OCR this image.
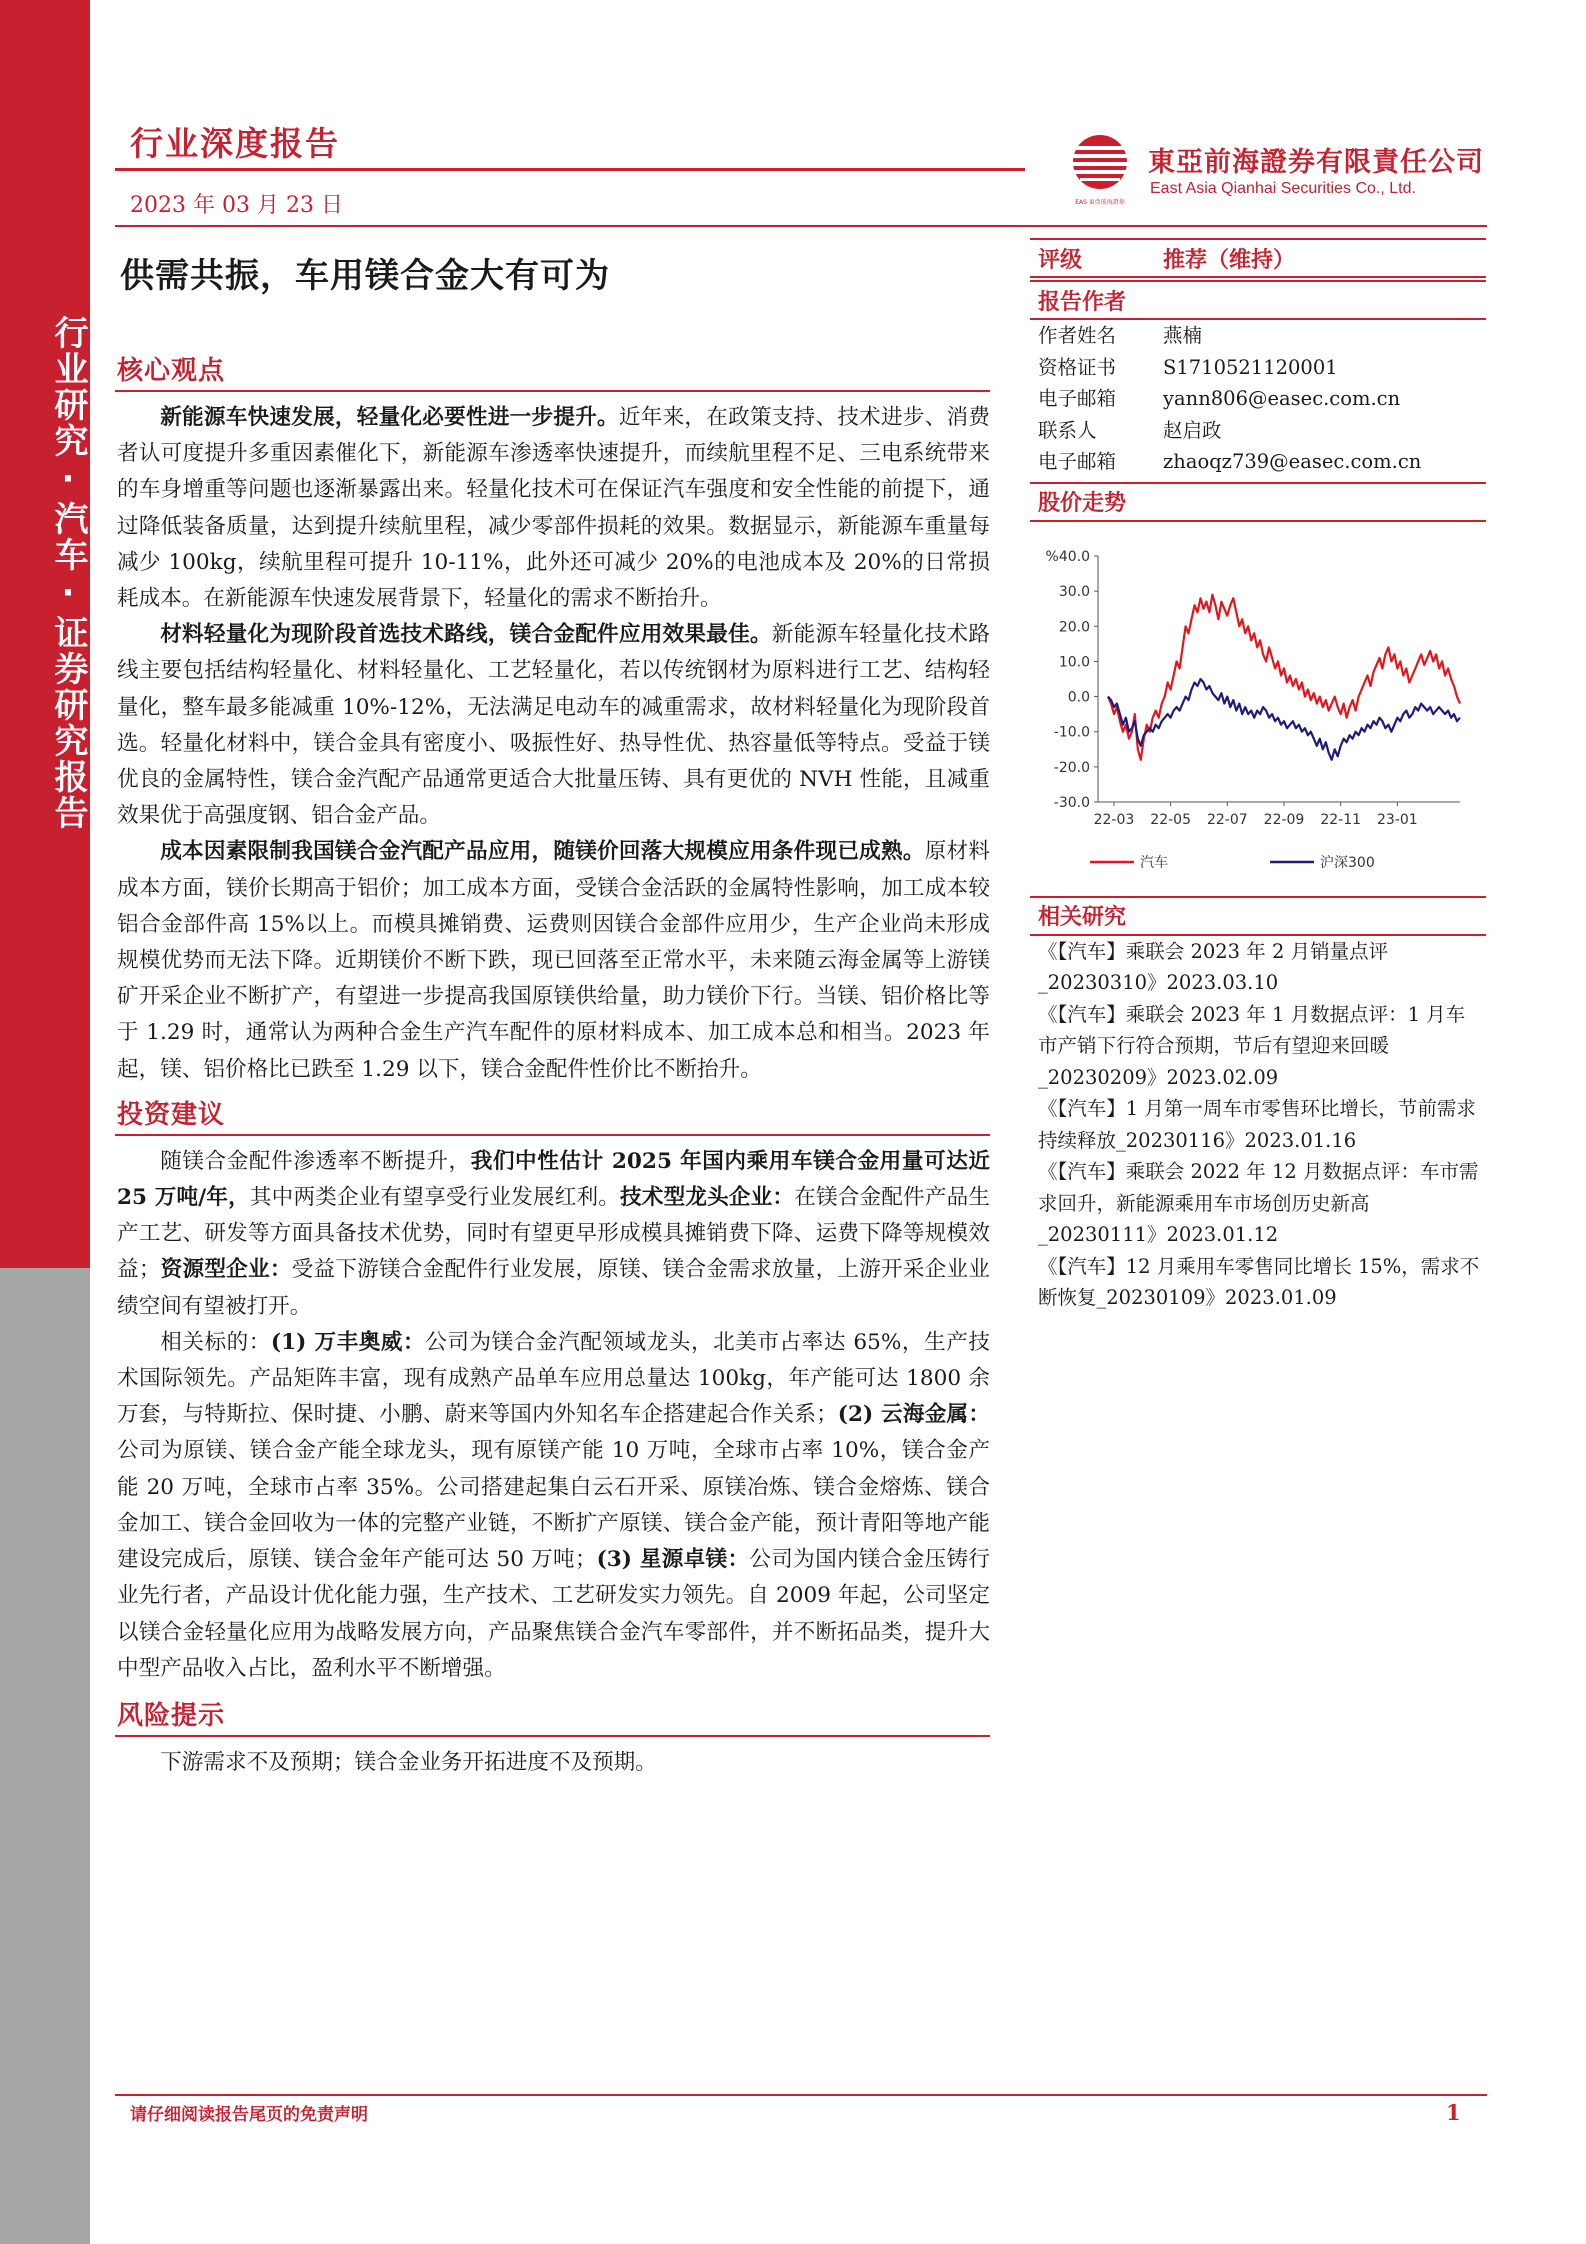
行业研究·汽车·证券研究报告
行业深度报告
2023 年 03 月 23 日	EAS 東亞前海證券
東亞前海證券有限責任公司
East Asia Qianhai Securities Co., Ltd.
供需共振，车用镁合金大有可为
核心观点

新能源车快速发展，轻量化必要性进一步提升。近年来，在政策支持、技术进步、消费者认可度提升多重因素催化下，新能源车渗透率快速提升，而续航里程不足、三电系统带来的车身增重等问题也逐渐暴露出来。轻量化技术可在保证汽车强度和安全性能的前提下，通过降低装备质量，达到提升续航里程，减少零部件损耗的效果。数据显示，新能源车重量每减少 100kg，续航里程可提升 10-11%，此外还可减少 20%的电池成本及 20%的日常损耗成本。在新能源车快速发展背景下，轻量化的需求不断抬升。

材料轻量化为现阶段首选技术路线，镁合金配件应用效果最佳。新能源车轻量化技术路线主要包括结构轻量化、材料轻量化、工艺轻量化，若以传统钢材为原料进行工艺、结构轻量化，整车最多能减重 10%-12%，无法满足电动车的减重需求，故材料轻量化为现阶段首选。轻量化材料中，镁合金具有密度小、吸振性好、热导性优、热容量低等特点。受益于镁优良的金属特性，镁合金汽配产品通常更适合大批量压铸、具有更优的 NVH 性能，且减重效果优于高强度钢、铝合金产品。

成本因素限制我国镁合金汽配产品应用，随镁价回落大规模应用条件现已成熟。原材料成本方面，镁价长期高于铝价；加工成本方面，受镁合金活跃的金属特性影响，加工成本较铝合金部件高 15%以上。而模具摊销费、运费则因镁合金部件应用少，生产企业尚未形成规模优势而无法下降。近期镁价不断下跌，现已回落至正常水平，未来随云海金属等上游镁矿开采企业不断扩产，有望进一步提高我国原镁供给量，助力镁价下行。当镁、铝价格比等于 1.29 时，通常认为两种合金生产汽车配件的原材料成本、加工成本总和相当。2023 年起，镁、铝价格比已跌至 1.29 以下，镁合金配件性价比不断抬升。

投资建议

随镁合金配件渗透率不断提升，我们中性估计 2025 年国内乘用车镁合金用量可达近 25 万吨/年，其中两类企业有望享受行业发展红利。技术型龙头企业：在镁合金配件产品生产工艺、研发等方面具备技术优势，同时有望更早形成模具摊销费下降、运费下降等规模效益；资源型企业：受益下游镁合金配件行业发展，原镁、镁合金需求放量，上游开采企业业绩空间有望被打开。

相关标的：(1) 万丰奥威：公司为镁合金汽配领域龙头，北美市占率达 65%，生产技术国际领先。产品矩阵丰富，现有成熟产品单车应用总量达 100kg，年产能可达 1800 余万套，与特斯拉、保时捷、小鹏、蔚来等国内外知名车企搭建起合作关系；(2) 云海金属：公司为原镁、镁合金产能全球龙头，现有原镁产能 10 万吨，全球市占率 10%，镁合金产能 20 万吨，全球市占率 35%。公司搭建起集白云石开采、原镁冶炼、镁合金熔炼、镁合金加工、镁合金回收为一体的完整产业链，不断扩产原镁、镁合金产能，预计青阳等地产能建设完成后，原镁、镁合金年产能可达 50 万吨；(3) 星源卓镁：公司为国内镁合金压铸行业先行者，产品设计优化能力强，生产技术、工艺研发实力领先。自 2009 年起，公司坚定以镁合金轻量化应用为战略发展方向，产品聚焦镁合金汽车零部件，并不断拓品类，提升大中型产品收入占比，盈利水平不断增强。

风险提示

下游需求不及预期；镁合金业务开拓进度不及预期。

评级	推荐（维持）
报告作者
作者姓名	燕楠
资格证书	S1710521120001
电子邮箱	yann806@easec.com.cn
联系人	赵启政
电子邮箱	zhaoqz739@easec.com.cn
股价走势
%40.0
30.0
20.0
10.0
0.0
-10.0
-20.0
-30.0
22-03 22-05 22-07 22-09 22-11 23-01
汽车	沪深300
相关研究
《【汽车】乘联会 2023 年 2 月销量点评_20230310》2023.03.10
《【汽车】乘联会 2023 年 1 月数据点评：1 月车市产销下行符合预期，节后有望迎来回暖_20230209》2023.02.09
《【汽车】1 月第一周车市零售环比增长，节前需求持续释放_20230116》2023.01.16
《【汽车】乘联会 2022 年 12 月数据点评：车市需求回升，新能源乘用车市场创历史新高_20230111》2023.01.12
《【汽车】12 月乘用车零售同比增长 15%，需求不断恢复_20230109》2023.01.09
请仔细阅读报告尾页的免责声明	1
